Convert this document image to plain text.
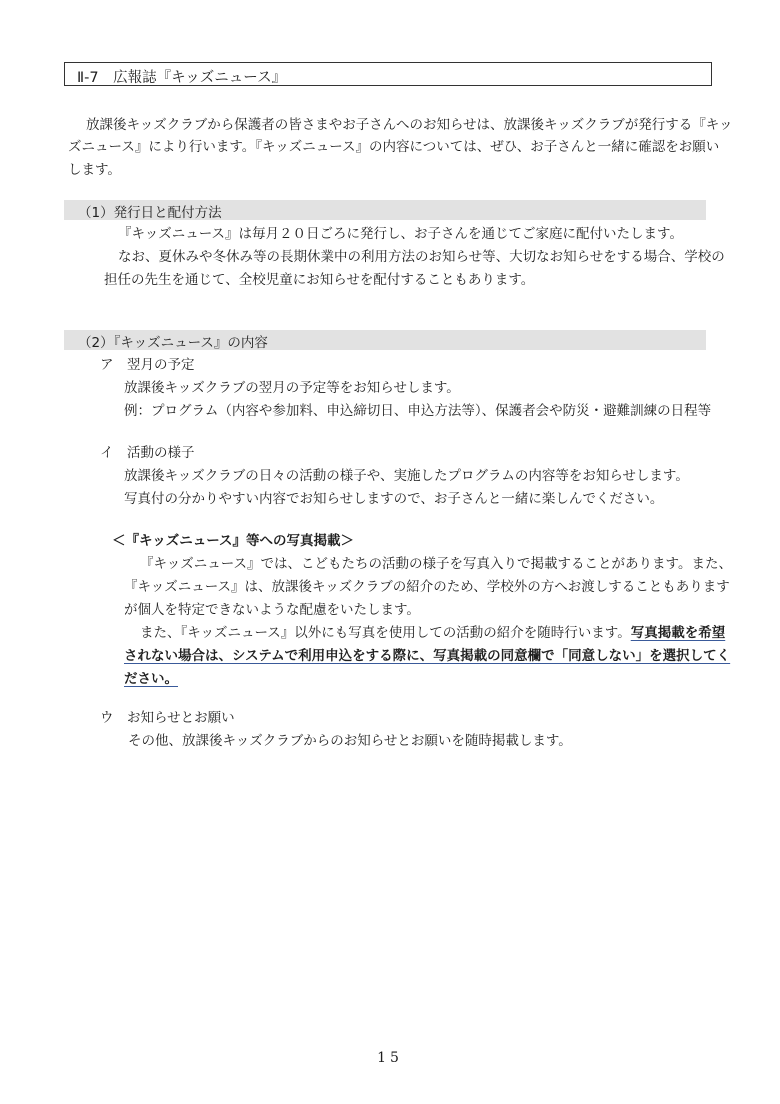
Ⅱ-7　広報誌『キッズニュース』
放課後キッズクラブから保護者の皆さまやお子さんへのお知らせは、放課後キッズクラブが発行する『キッ
ズニュース』により行います。『キッズニュース』の内容については、ぜひ、お子さんと一緒に確認をお願い
します。
（1）発行日と配付方法
『キッズニュース』は毎月２０日ごろに発行し、お子さんを通じてご家庭に配付いたします。
なお、夏休みや冬休み等の長期休業中の利用方法のお知らせ等、大切なお知らせをする場合、学校の
担任の先生を通じて、全校児童にお知らせを配付することもあります。
（2）『キッズニュース』の内容
ア　翌月の予定
放課後キッズクラブの翌月の予定等をお知らせします。
例：プログラム（内容や参加料、申込締切日、申込方法等）、保護者会や防災・避難訓練の日程等
イ　活動の様子
放課後キッズクラブの日々の活動の様子や、実施したプログラムの内容等をお知らせします。
写真付の分かりやすい内容でお知らせしますので、お子さんと一緒に楽しんでください。
＜『キッズニュース』等への写真掲載＞
『キッズニュース』では、こどもたちの活動の様子を写真入りで掲載することがあります。また、
『キッズニュース』は、放課後キッズクラブの紹介のため、学校外の方へお渡しすることもあります
が個人を特定できないような配慮をいたします。
また、『キッズニュース』以外にも写真を使用しての活動の紹介を随時行います。写真掲載を希望
されない場合は、システムで利用申込をする際に、写真掲載の同意欄で「同意しない」を選択してく
ださい。
ウ　お知らせとお願い
その他、放課後キッズクラブからのお知らせとお願いを随時掲載します。
15
